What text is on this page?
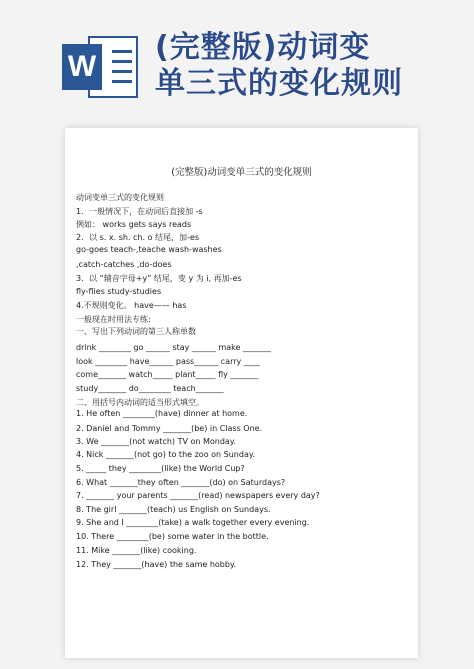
W
(完整版)动词变
单三式的变化规则
(完整版)动词变单三式的变化规则
动词变单三式的变化规则
1．一般情况下，在动词后直接加 -s
例如： works gets says reads
2．以 s. x. sh. ch. o 结尾，加-es
go-goes teach-,teache wash-washes
,catch-catches ,do-does
3．以 “辅音字母+y” 结尾，变 y 为 i, 再加-es
fly-flies study-studies
4.不规则变化。 have—— has
一般现在时用法专练:
一、写出下列动词的第三人称单数
drink ________ go ______ stay ______ make _______
look ________ have______ pass______ carry ____
come_______ watch_____ plant_____ fly _______
study_______ do________ teach_______
二、用括号内动词的适当形式填空。
1. He often ________(have) dinner at home.
2. Daniel and Tommy _______(be) in Class One.
3. We _______(not watch) TV on Monday.
4. Nick _______(not go) to the zoo on Sunday.
5. _____ they ________(like) the World Cup?
6. What _______they often _______(do) on Saturdays?
7. _______ your parents _______(read) newspapers every day?
8. The girl _______(teach) us English on Sundays.
9. She and I ________(take) a walk together every evening.
10. There ________(be) some water in the bottle.
11. Mike _______(like) cooking.
12. They _______(have) the same hobby.
